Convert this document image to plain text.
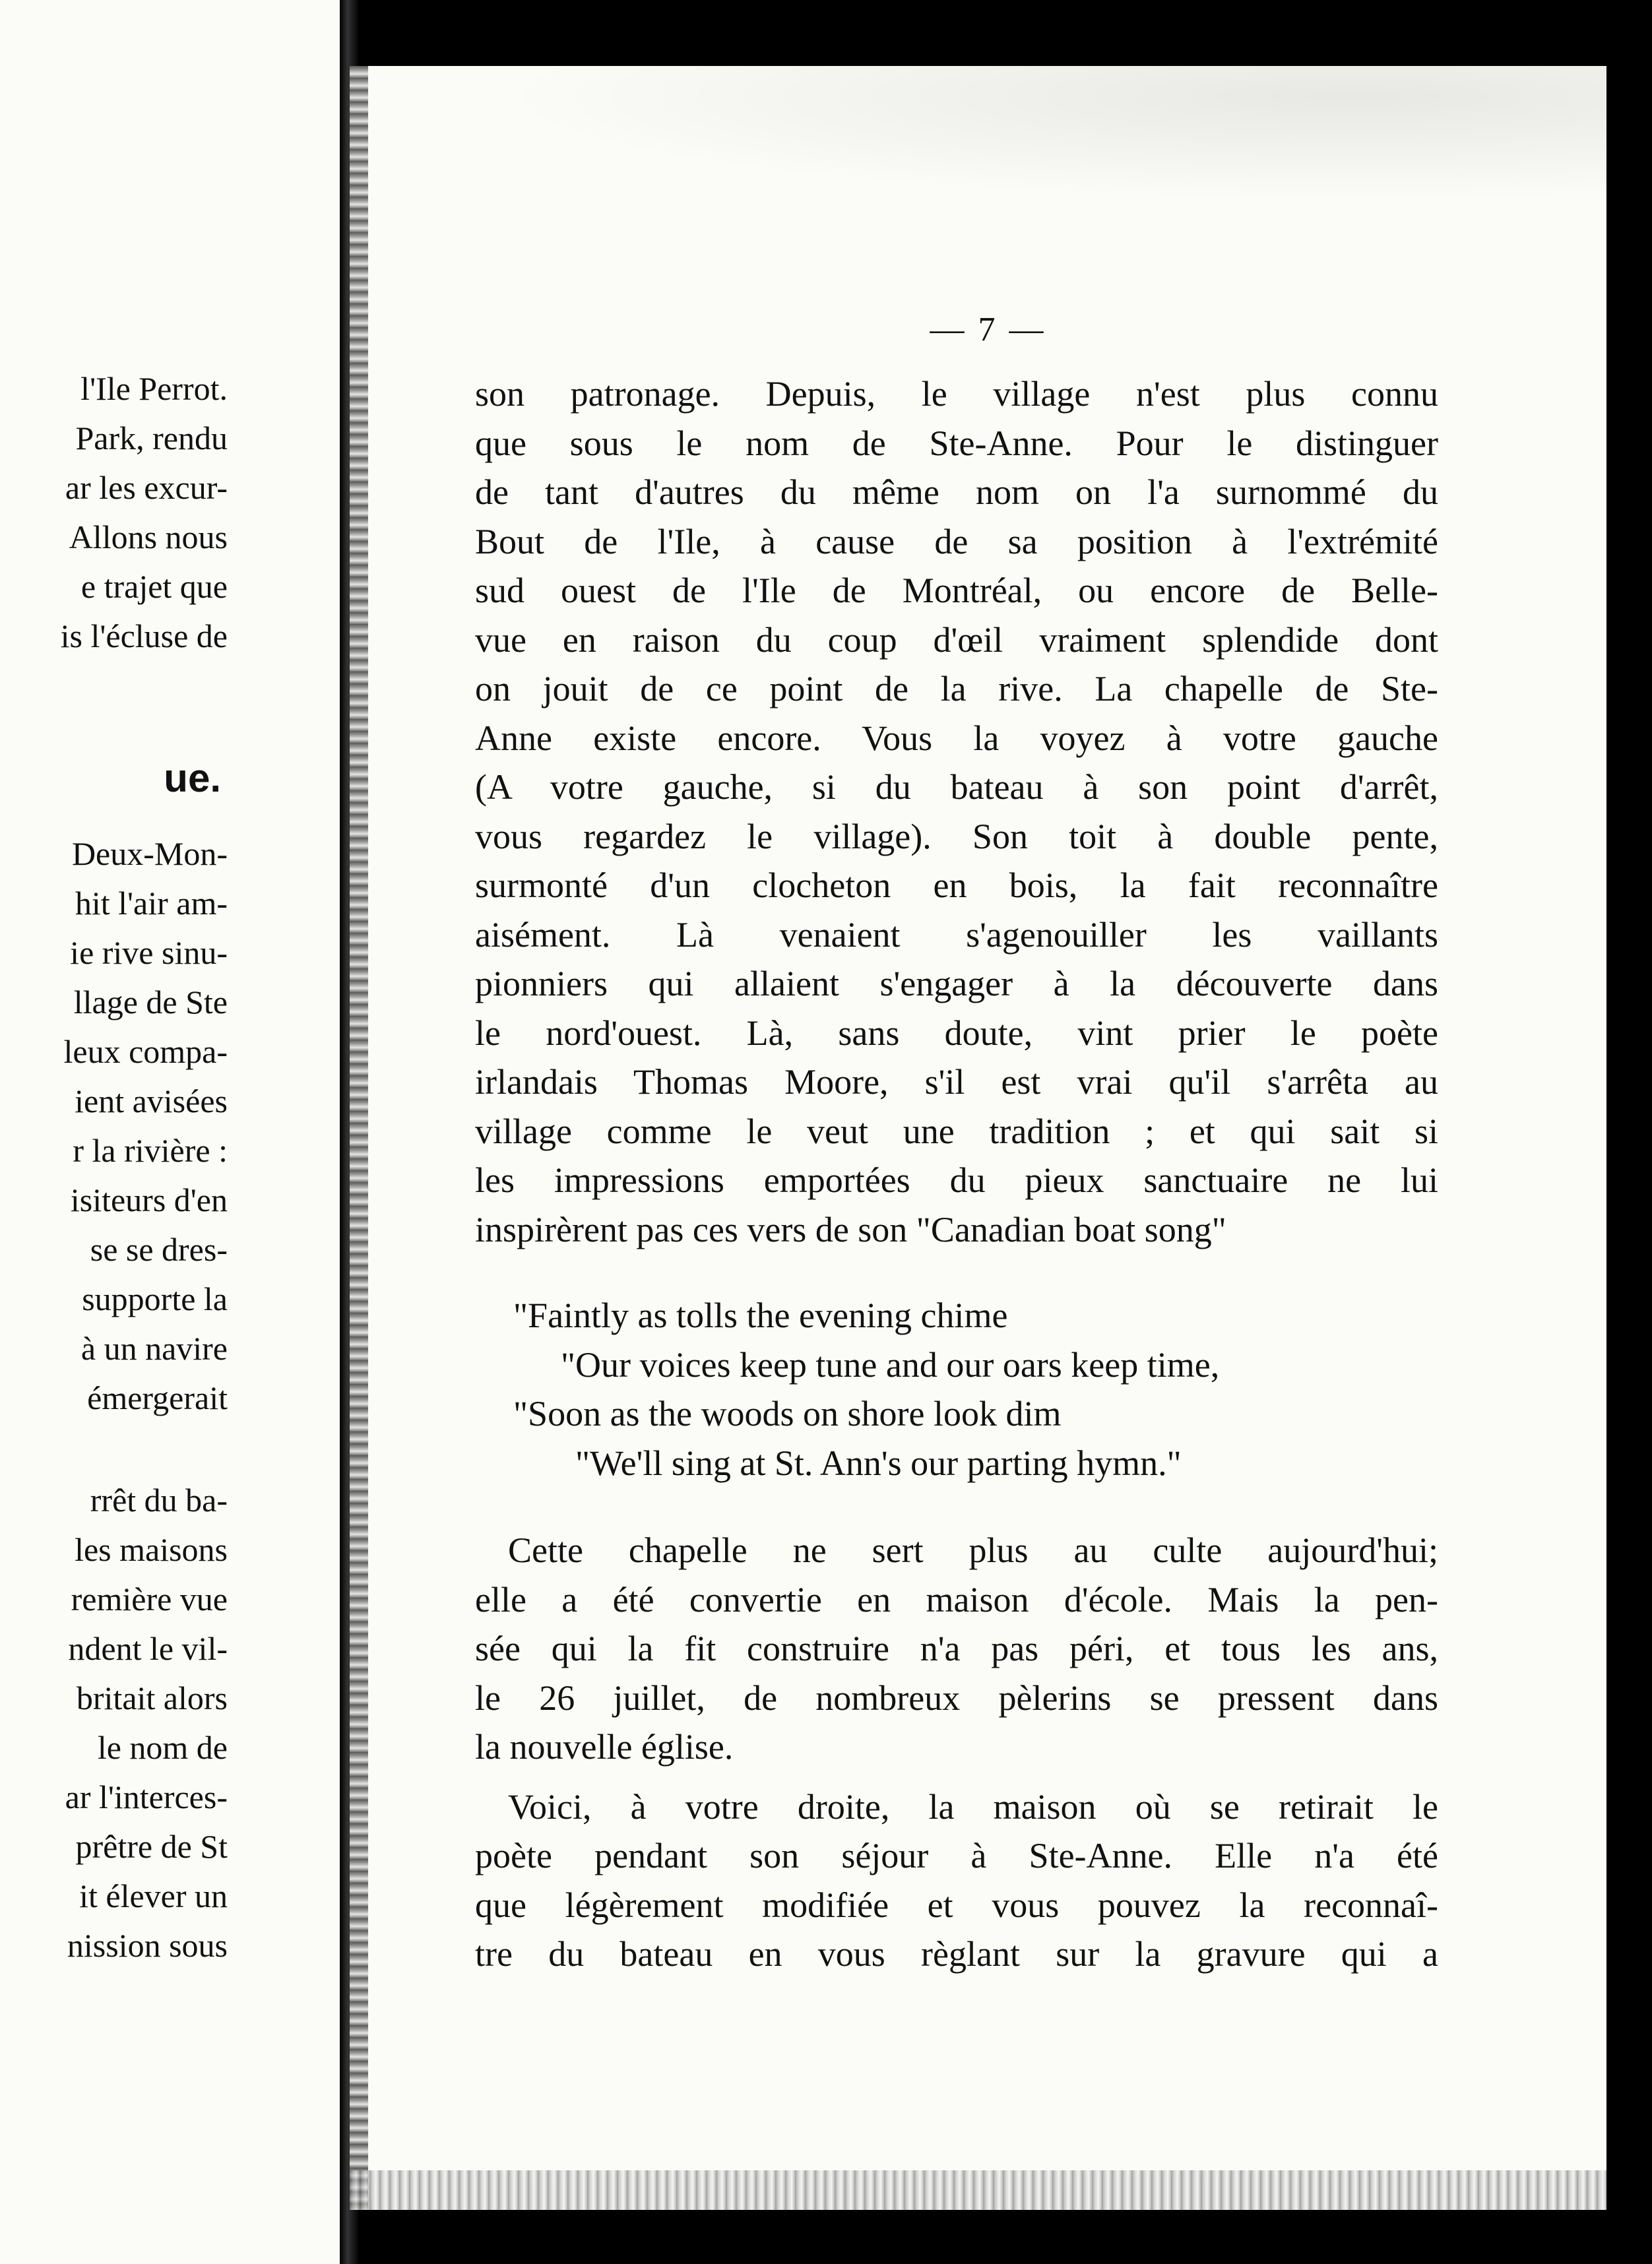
l'Ile Perrot.
Park, rendu
ar les excur-
Allons nous
e trajet que
is l'écluse de
ue.
Deux-Mon-
hit l'air am-
ie rive sinu-
llage de Ste
leux compa-
ient avisées
r la rivière :
isiteurs d'en
se se dres-
supporte la
à un navire
émergerait
rrêt du ba-
les maisons
remière vue
ndent le vil-
britait alors
le nom de
ar l'interces-
prêtre de St
it élever un
nission sous
— 7 —
son patronage. Depuis, le village n'est plus connu
que sous le nom de Ste-Anne. Pour le distinguer
de tant d'autres du même nom on l'a surnommé du
Bout de l'Ile, à cause de sa position à l'extrémité
sud ouest de l'Ile de Montréal, ou encore de Belle-
vue en raison du coup d'œil vraiment splendide dont
on jouit de ce point de la rive. La chapelle de Ste-
Anne existe encore. Vous la voyez à votre gauche
(A votre gauche, si du bateau à son point d'arrêt,
vous regardez le village). Son toit à double pente,
surmonté d'un clocheton en bois, la fait reconnaître
aisément. Là venaient s'agenouiller les vaillants
pionniers qui allaient s'engager à la découverte dans
le nord'ouest. Là, sans doute, vint prier le poète
irlandais Thomas Moore, s'il est vrai qu'il s'arrêta au
village comme le veut une tradition ; et qui sait si
les impressions emportées du pieux sanctuaire ne lui
inspirèrent pas ces vers de son "Canadian boat song"
"Faintly as tolls the evening chime
"Our voices keep tune and our oars keep time,
"Soon as the woods on shore look dim
"We'll sing at St. Ann's our parting hymn."
Cette chapelle ne sert plus au culte aujourd'hui;
elle a été convertie en maison d'école. Mais la pen-
sée qui la fit construire n'a pas péri, et tous les ans,
le 26 juillet, de nombreux pèlerins se pressent dans
la nouvelle église.
Voici, à votre droite, la maison où se retirait le
poète pendant son séjour à Ste-Anne. Elle n'a été
que légèrement modifiée et vous pouvez la reconnaî-
tre du bateau en vous règlant sur la gravure qui a
